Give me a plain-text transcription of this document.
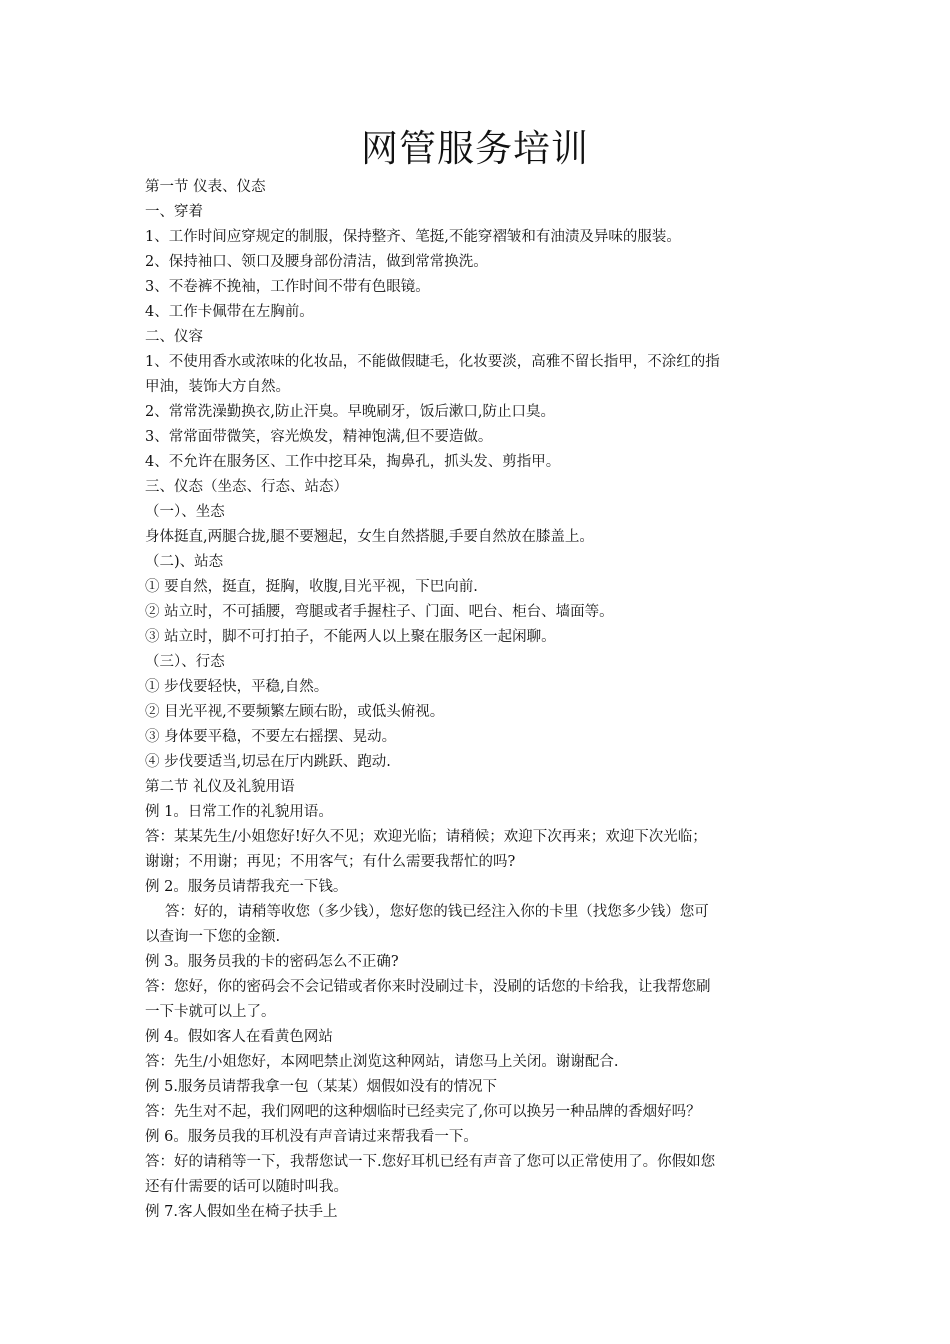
网管服务培训
第一节 仪表、仪态
一、穿着
1、工作时间应穿规定的制服，保持整齐、笔挺,不能穿褶皱和有油渍及异味的服装。
2、保持袖口、领口及腰身部份清洁，做到常常换洗。
3、不卷裤不挽袖，工作时间不带有色眼镜。
4、工作卡佩带在左胸前。
二、仪容
1、不使用香水或浓味的化妆品，不能做假睫毛，化妆要淡，高雅不留长指甲，不涂红的指
甲油，装饰大方自然。
2、常常洗澡勤换衣,防止汗臭。早晚刷牙，饭后漱口,防止口臭。
3、常常面带微笑，容光焕发，精神饱满,但不要造做。
4、不允许在服务区、工作中挖耳朵，掏鼻孔，抓头发、剪指甲。
三、仪态（坐态、行态、站态）
（一）、坐态
身体挺直,两腿合拢,腿不要翘起，女生自然搭腿,手要自然放在膝盖上。
（二)、站态
① 要自然，挺直，挺胸，收腹,目光平视，下巴向前.
② 站立时，不可插腰，弯腿或者手握柱子、门面、吧台、柜台、墙面等。
③ 站立时，脚不可打拍子，不能两人以上聚在服务区一起闲聊。
（三）、行态
① 步伐要轻快，平稳,自然。
② 目光平视,不要频繁左顾右盼，或低头俯视。
③ 身体要平稳，不要左右摇摆、晃动。
④ 步伐要适当,切忌在厅内跳跃、跑动.
第二节 礼仪及礼貌用语
例 1。日常工作的礼貌用语。
答：某某先生/小姐您好!好久不见；欢迎光临；请稍候；欢迎下次再来；欢迎下次光临；
谢谢；不用谢；再见；不用客气；有什么需要我帮忙的吗?
例 2。服务员请帮我充一下钱。
答：好的，请稍等收您（多少钱），您好您的钱已经注入你的卡里（找您多少钱）您可
以查询一下您的金额.
例 3。服务员我的卡的密码怎么不正确?
答：您好，你的密码会不会记错或者你来时没刷过卡，没刷的话您的卡给我，让我帮您刷
一下卡就可以上了。
例 4。假如客人在看黄色网站
答：先生/小姐您好，本网吧禁止浏览这种网站，请您马上关闭。谢谢配合.
例 5.服务员请帮我拿一包（某某）烟假如没有的情况下
答：先生对不起，我们网吧的这种烟临时已经卖完了,你可以换另一种品牌的香烟好吗？
例 6。服务员我的耳机没有声音请过来帮我看一下。
答：好的请稍等一下，我帮您试一下.您好耳机已经有声音了您可以正常使用了。你假如您
还有什需要的话可以随时叫我。
例 7.客人假如坐在椅子扶手上
